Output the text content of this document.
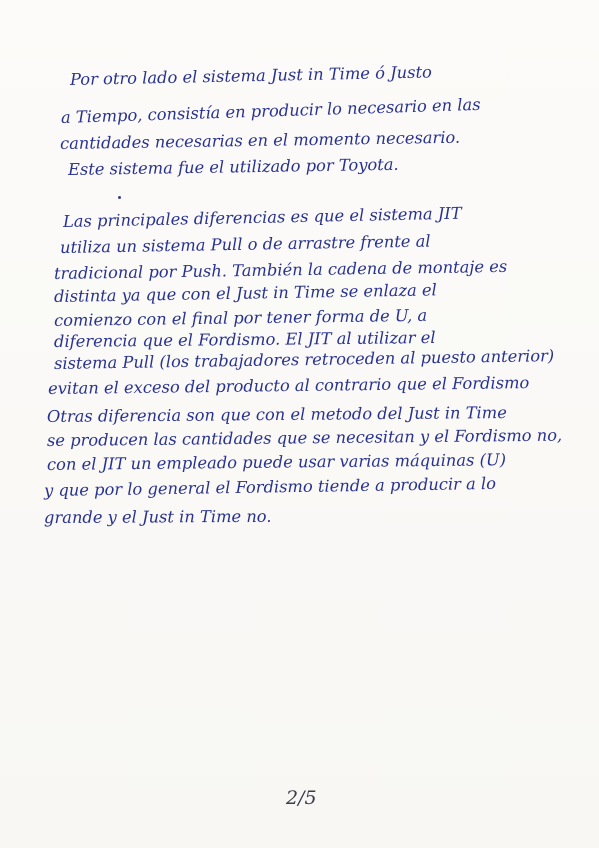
Por otro lado el sistema Just in Time ó Justo
a Tiempo, consistía en producir lo necesario en las
cantidades necesarias en el momento necesario.
Este sistema fue el utilizado por Toyota.
Las principales diferencias es que el sistema JIT
utiliza un sistema Pull o de arrastre frente al
tradicional por Push. También la cadena de montaje es
distinta ya que con el Just in Time se enlaza el
comienzo con el final por tener forma de U, a
diferencia que el Fordismo. El JIT al utilizar el
sistema Pull (los trabajadores retroceden al puesto anterior)
evitan el exceso del producto al contrario que el Fordismo
Otras diferencia son que con el metodo del Just in Time
se producen las cantidades que se necesitan y el Fordismo no,
con el JIT un empleado puede usar varias máquinas (U)
y que por lo general el Fordismo tiende a producir a lo
grande y el Just in Time no.
2/5
